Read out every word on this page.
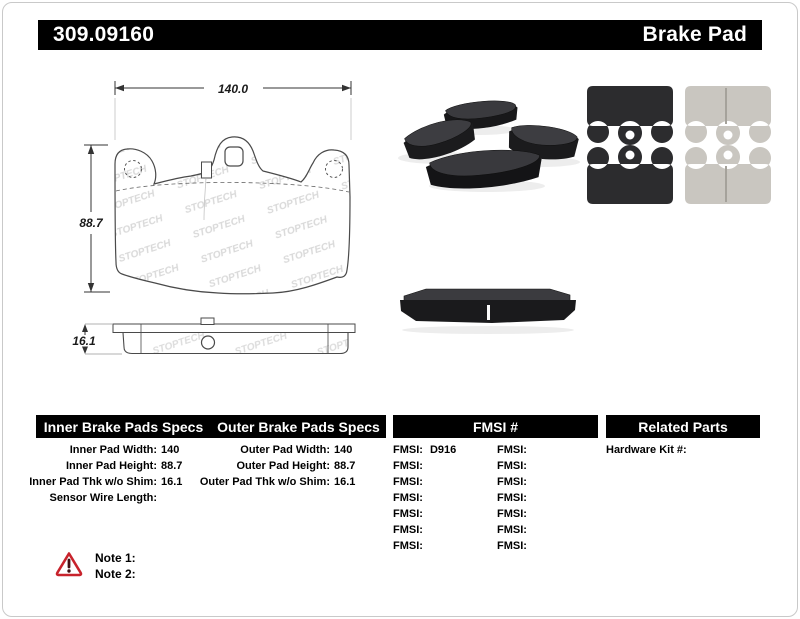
309.09160	Brake Pad
140.0
88.7
16.1
Inner Brake Pads Specs Outer Brake Pads Specs	FMSI #	Related Parts
Inner Pad Width: 140
Inner Pad Height: 88.7
Inner Pad Thk w/o Shim: 16.1
Sensor Wire Length:
Outer Pad Width: 140
Outer Pad Height: 88.7
Outer Pad Thk w/o Shim: 16.1
FMSI: D916
FMSI:
FMSI:
FMSI:
FMSI:
FMSI:
FMSI:
FMSI:
FMSI:
FMSI:
FMSI:
FMSI:
FMSI:
FMSI:
Hardware Kit #:
Note 1:
Note 2:
